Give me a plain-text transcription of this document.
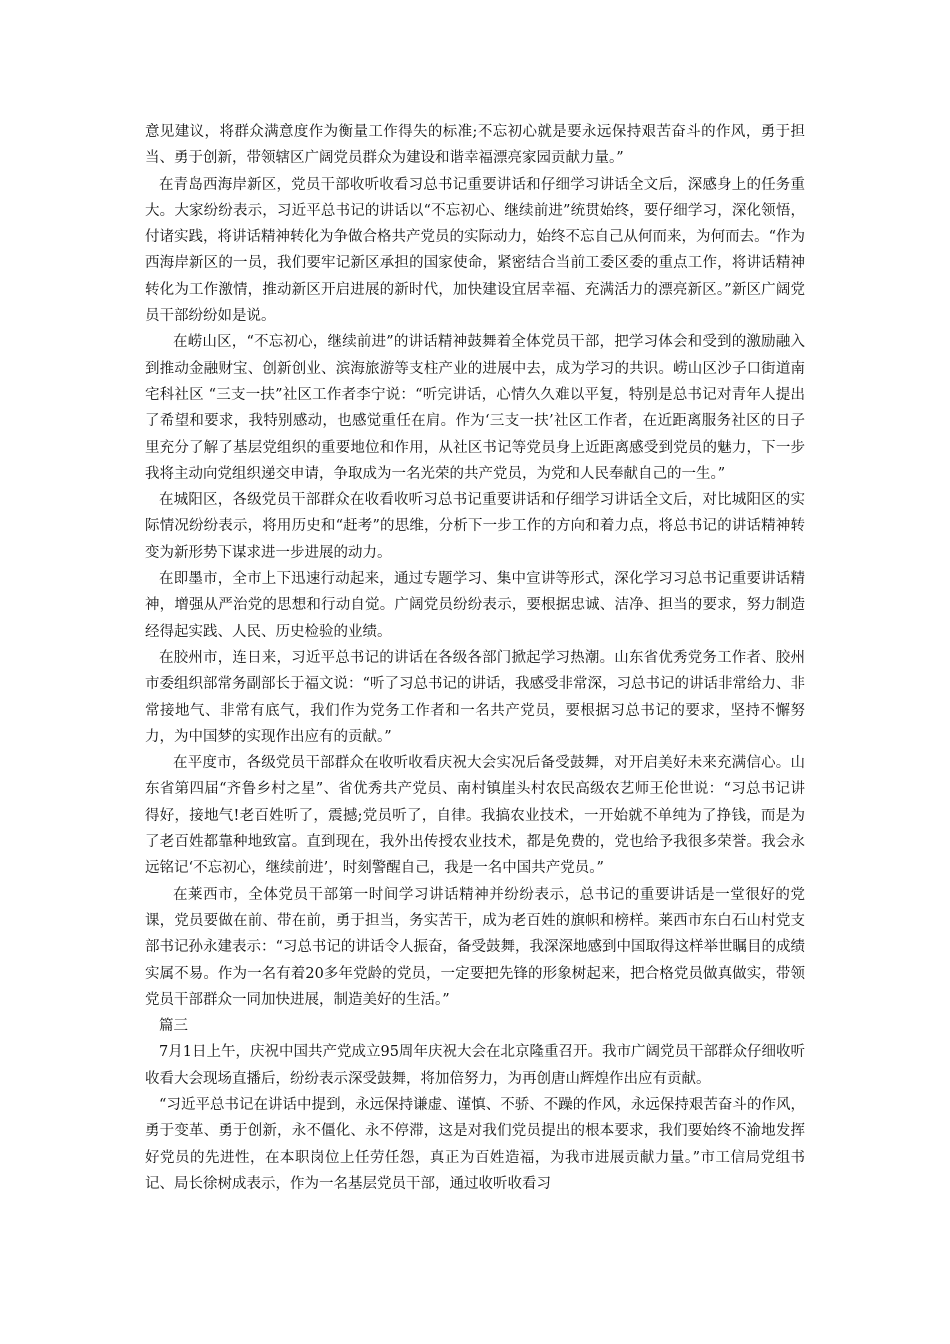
意见建议，将群众满意度作为衡量工作得失的标准;不忘初心就是要永远保持艰苦奋斗的作风，勇于担当、勇于创新，带领辖区广阔党员群众为建设和谐幸福漂亮家园贡献力量。”

在青岛西海岸新区，党员干部收听收看习总书记重要讲话和仔细学习讲话全文后，深感身上的任务重大。大家纷纷表示，习近平总书记的讲话以“不忘初心、继续前进”统贯始终，要仔细学习，深化领悟，付诸实践，将讲话精神转化为争做合格共产党员的实际动力，始终不忘自己从何而来，为何而去。“作为西海岸新区的一员，我们要牢记新区承担的国家使命，紧密结合当前工委区委的重点工作，将讲话精神转化为工作激情，推动新区开启进展的新时代，加快建设宜居幸福、充满活力的漂亮新区。”新区广阔党员干部纷纷如是说。

在崂山区，“不忘初心，继续前进”的讲话精神鼓舞着全体党员干部，把学习体会和受到的激励融入到推动金融财宝、创新创业、滨海旅游等支柱产业的进展中去，成为学习的共识。崂山区沙子口街道南宅科社区 “三支一扶”社区工作者李宁说：“听完讲话，心情久久难以平复，特别是总书记对青年人提出了希望和要求，我特别感动，也感觉重任在肩。作为‘三支一扶’社区工作者，在近距离服务社区的日子里充分了解了基层党组织的重要地位和作用，从社区书记等党员身上近距离感受到党员的魅力，下一步我将主动向党组织递交申请，争取成为一名光荣的共产党员，为党和人民奉献自己的一生。”

在城阳区，各级党员干部群众在收看收听习总书记重要讲话和仔细学习讲话全文后，对比城阳区的实际情况纷纷表示，将用历史和“赶考”的思维，分析下一步工作的方向和着力点，将总书记的讲话精神转变为新形势下谋求进一步进展的动力。

在即墨市，全市上下迅速行动起来，通过专题学习、集中宣讲等形式，深化学习习总书记重要讲话精神，增强从严治党的思想和行动自觉。广阔党员纷纷表示，要根据忠诚、洁净、担当的要求，努力制造经得起实践、人民、历史检验的业绩。

在胶州市，连日来，习近平总书记的讲话在各级各部门掀起学习热潮。山东省优秀党务工作者、胶州市委组织部常务副部长于福文说：“听了习总书记的讲话，我感受非常深，习总书记的讲话非常给力、非常接地气、非常有底气，我们作为党务工作者和一名共产党员，要根据习总书记的要求，坚持不懈努力，为中国梦的实现作出应有的贡献。”

在平度市，各级党员干部群众在收听收看庆祝大会实况后备受鼓舞，对开启美好未来充满信心。山东省第四届“齐鲁乡村之星”、省优秀共产党员、南村镇崖头村农民高级农艺师王伦世说：“习总书记讲得好，接地气!老百姓听了，震撼;党员听了，自律。我搞农业技术，一开始就不单纯为了挣钱，而是为了老百姓都靠种地致富。直到现在，我外出传授农业技术，都是免费的，党也给予我很多荣誉。我会永远铭记‘不忘初心，继续前进’，时刻警醒自己，我是一名中国共产党员。”

在莱西市，全体党员干部第一时间学习讲话精神并纷纷表示，总书记的重要讲话是一堂很好的党课，党员要做在前、带在前，勇于担当，务实苦干，成为老百姓的旗帜和榜样。莱西市东白石山村党支部书记孙永建表示：“习总书记的讲话令人振奋，备受鼓舞，我深深地感到中国取得这样举世瞩目的成绩实属不易。作为一名有着20多年党龄的党员，一定要把先锋的形象树起来，把合格党员做真做实，带领党员干部群众一同加快进展，制造美好的生活。”

篇三

7月1日上午，庆祝中国共产党成立95周年庆祝大会在北京隆重召开。我市广阔党员干部群众仔细收听收看大会现场直播后，纷纷表示深受鼓舞，将加倍努力，为再创唐山辉煌作出应有贡献。

“习近平总书记在讲话中提到，永远保持谦虚、谨慎、不骄、不躁的作风，永远保持艰苦奋斗的作风，勇于变革、勇于创新，永不僵化、永不停滞，这是对我们党员提出的根本要求，我们要始终不渝地发挥好党员的先进性，在本职岗位上任劳任怨，真正为百姓造福，为我市进展贡献力量。”市工信局党组书记、局长徐树成表示，作为一名基层党员干部，通过收听收看习
